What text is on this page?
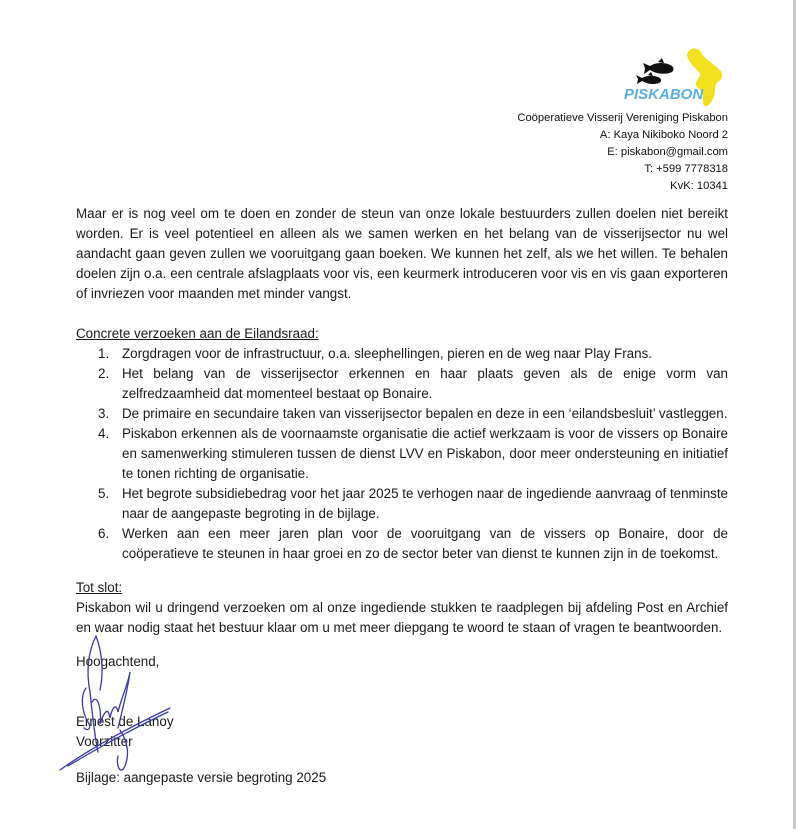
PISKABON
Coöperatieve Visserij Vereniging Piskabon
A: Kaya Nikiboko Noord 2
E: piskabon@gmail.com
T: +599 7778318
KvK: 10341
Maar er is nog veel om te doen en zonder de steun van onze lokale bestuurders zullen doelen niet bereikt worden. Er is veel potentieel en alleen als we samen werken en het belang van de visserijsector nu wel aandacht gaan geven zullen we vooruitgang gaan boeken. We kunnen het zelf, als we het willen. Te behalen doelen zijn o.a. een centrale afslagplaats voor vis, een keurmerk introduceren voor vis en vis gaan exporteren of invriezen voor maanden met minder vangst.
Concrete verzoeken aan de Eilandsraad:
1. Zorgdragen voor de infrastructuur, o.a. sleephellingen, pieren en de weg naar Play Frans.
2. Het belang van de visserijsector erkennen en haar plaats geven als de enige vorm van zelfredzaamheid dat momenteel bestaat op Bonaire.
3. De primaire en secundaire taken van visserijsector bepalen en deze in een ‘eilandsbesluit’ vastleggen.
4. Piskabon erkennen als de voornaamste organisatie die actief werkzaam is voor de vissers op Bonaire en samenwerking stimuleren tussen de dienst LVV en Piskabon, door meer ondersteuning en initiatief te tonen richting de organisatie.
5. Het begrote subsidiebedrag voor het jaar 2025 te verhogen naar de ingediende aanvraag of tenminste naar de aangepaste begroting in de bijlage.
6. Werken aan een meer jaren plan voor de vooruitgang van de vissers op Bonaire, door de coöperatieve te steunen in haar groei en zo de sector beter van dienst te kunnen zijn in de toekomst.
Tot slot:
Piskabon wil u dringend verzoeken om al onze ingediende stukken te raadplegen bij afdeling Post en Archief en waar nodig staat het bestuur klaar om u met meer diepgang te woord te staan of vragen te beantwoorden.
Hoogachtend,
Ernest de Lanoy
Voorzitter
Bijlage: aangepaste versie begroting 2025
